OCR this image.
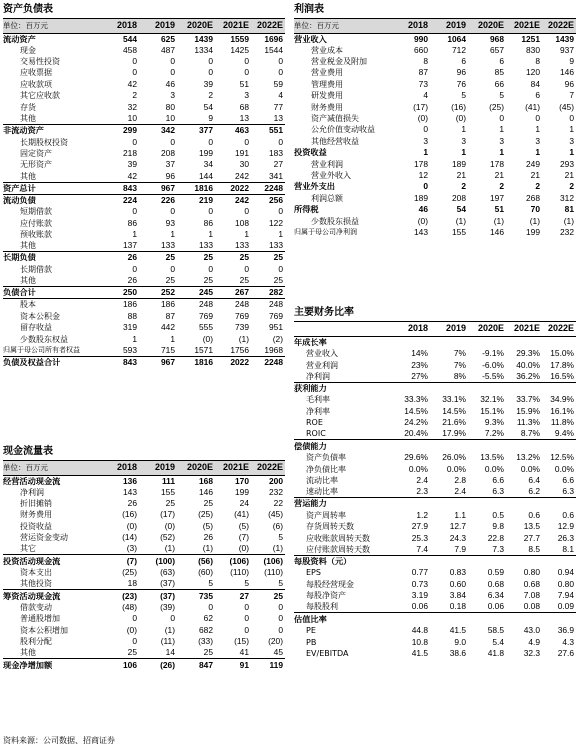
资产负债表
单位：百万元	2018	2019	2020E	2021E	2022E
流动资产	544	625	1439	1559	1696
现金	458	487	1334	1425	1544
交易性投资	0	0	0	0	0
应收票据	0	0	0	0	0
应收款项	42	46	39	51	59
其它应收款	2	3	2	3	4
存货	32	80	54	68	77
其他	10	10	9	13	13
非流动资产	299	342	377	463	551
长期股权投资	0	0	0	0	0
固定资产	218	208	199	191	183
无形资产	39	37	34	30	27
其他	42	96	144	242	341
资产总计	843	967	1816	2022	2248
流动负债	224	226	219	242	256
短期借款	0	0	0	0	0
应付账款	86	93	86	108	122
预收账款	1	1	1	1	1
其他	137	133	133	133	133
长期负债	26	25	25	25	25
长期借款	0	0	0	0	0
其他	26	25	25	25	25
负债合计	250	252	245	267	282
股本	186	186	248	248	248
资本公积金	88	87	769	769	769
留存收益	319	442	555	739	951
少数股东权益	1	1	(0)	(1)	(2)
归属于母公司所有者权益	593	715	1571	1756	1968
负债及权益合计	843	967	1816	2022	2248
现金流量表
单位：百万元	2018	2019	2020E	2021E	2022E
经营活动现金流	136	111	168	170	200
净利润	143	155	146	199	232
折旧摊销	26	25	25	24	22
财务费用	(16)	(17)	(25)	(41)	(45)
投资收益	(0)	(0)	(5)	(5)	(6)
营运资金变动	(14)	(52)	26	(7)	5
其它	(3)	(1)	(1)	(0)	(1)
投资活动现金流	(7)	(100)	(56)	(106)	(106)
资本支出	(25)	(63)	(60)	(110)	(110)
其他投资	18	(37)	5	5	5
筹资活动现金流	(23)	(37)	735	27	25
借款变动	(48)	(39)	0	0	0
普通股增加	0	0	62	0	0
资本公积增加	(0)	(1)	682	0	0
股利分配	0	(11)	(33)	(15)	(20)
其他	25	14	25	41	45
现金净增加额	106	(26)	847	91	119
利润表
单位：百万元	2018	2019	2020E	2021E	2022E
营业收入	990	1064	968	1251	1439
营业成本	660	712	657	830	937
营业税金及附加	8	6	6	8	9
营业费用	87	96	85	120	146
管理费用	73	76	66	84	96
研发费用	4	5	5	6	7
财务费用	(17)	(16)	(25)	(41)	(45)
资产减值损失	(0)	(0)	0	0	0
公允价值变动收益	0	1	1	1	1
其他经营收益	3	3	3	3	3
投资收益	1	1	1	1	1
营业利润	178	189	178	249	293
营业外收入	12	21	21	21	21
营业外支出	0	2	2	2	2
利润总额	189	208	197	268	312
所得税	46	54	51	70	81
少数股东损益	(0)	(1)	(1)	(1)	(1)
归属于母公司净利润	143	155	146	199	232
主要财务比率
	2018	2019	2020E	2021E	2022E
年成长率					
营业收入	14%	7%	-9.1%	29.3%	15.0%
营业利润	23%	7%	-6.0%	40.0%	17.8%
净利润	27%	8%	-5.5%	36.2%	16.5%
获利能力					
毛利率	33.3%	33.1%	32.1%	33.7%	34.9%
净利率	14.5%	14.5%	15.1%	15.9%	16.1%
ROE	24.2%	21.6%	9.3%	11.3%	11.8%
ROIC	20.4%	17.9%	7.2%	8.7%	9.4%
偿债能力					
资产负债率	29.6%	26.0%	13.5%	13.2%	12.5%
净负债比率	0.0%	0.0%	0.0%	0.0%	0.0%
流动比率	2.4	2.8	6.6	6.4	6.6
速动比率	2.3	2.4	6.3	6.2	6.3
营运能力					
资产周转率	1.2	1.1	0.5	0.6	0.6
存货周转天数	27.9	12.7	9.8	13.5	12.9
应收账款周转天数	25.3	24.3	22.8	27.7	26.3
应付账款周转天数	7.4	7.9	7.3	8.5	8.1
每股资料（元）					
EPS	0.77	0.83	0.59	0.80	0.94
每股经营现金	0.73	0.60	0.68	0.68	0.80
每股净资产	3.19	3.84	6.34	7.08	7.94
每股股利	0.06	0.18	0.06	0.08	0.09
估值比率					
PE	44.8	41.5	58.5	43.0	36.9
PB	10.8	9.0	5.4	4.9	4.3
EV/EBITDA	41.5	38.6	41.8	32.3	27.6
资料来源：公司数据、招商证券
